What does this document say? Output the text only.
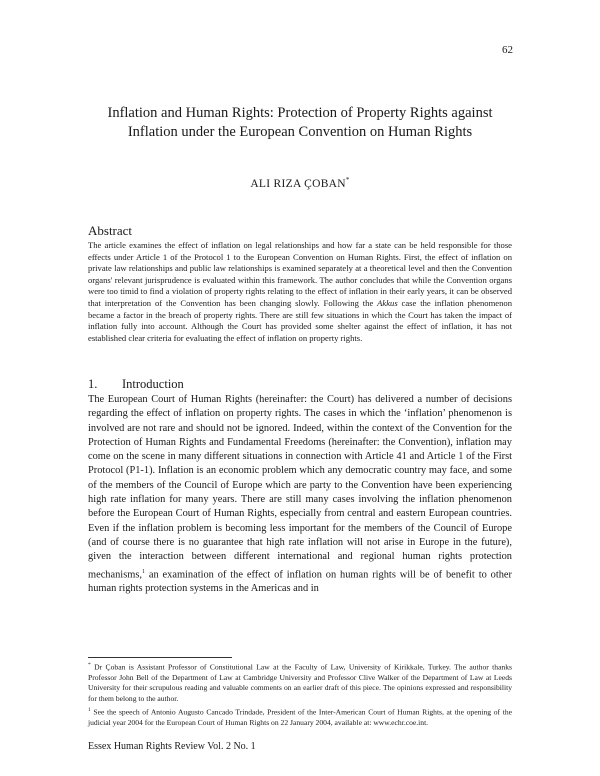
62
Inflation and Human Rights: Protection of Property Rights against
Inflation under the European Convention on Human Rights
ALI RIZA ÇOBAN*
Abstract
The article examines the effect of inflation on legal relationships and how far a state can be held responsible for those effects under Article 1 of the Protocol 1 to the European Convention on Human Rights. First, the effect of inflation on private law relationships and public law relationships is examined separately at a theoretical level and then the Convention organs' relevant jurisprudence is evaluated within this framework. The author concludes that while the Convention organs were too timid to find a violation of property rights relating to the effect of inflation in their early years, it can be observed that interpretation of the Convention has been changing slowly. Following the Akkus case the inflation phenomenon became a factor in the breach of property rights. There are still few situations in which the Court has taken the impact of inflation fully into account. Although the Court has provided some shelter against the effect of inflation, it has not established clear criteria for evaluating the effect of inflation on property rights.
1. Introduction
The European Court of Human Rights (hereinafter: the Court) has delivered a number of decisions regarding the effect of inflation on property rights. The cases in which the ‘inflation’ phenomenon is involved are not rare and should not be ignored. Indeed, within the context of the Convention for the Protection of Human Rights and Fundamental Freedoms (hereinafter: the Convention), inflation may come on the scene in many different situations in connection with Article 41 and Article 1 of the First Protocol (P1-1). Inflation is an economic problem which any democratic country may face, and some of the members of the Council of Europe which are party to the Convention have been experiencing high rate inflation for many years. There are still many cases involving the inflation phenomenon before the European Court of Human Rights, especially from central and eastern European countries. Even if the inflation problem is becoming less important for the members of the Council of Europe (and of course there is no guarantee that high rate inflation will not arise in Europe in the future), given the interaction between different international and regional human rights protection mechanisms,$^1$ an examination of the effect of inflation on human rights will be of benefit to other human rights protection systems in the Americas and in

* Dr Çoban is Assistant Professor of Constitutional Law at the Faculty of Law, University of Kirikkale, Turkey. The author thanks Professor John Bell of the Department of Law at Cambridge University and Professor Clive Walker of the Department of Law at Leeds University for their scrupulous reading and valuable comments on an earlier draft of this piece. The opinions expressed and responsibility for them belong to the author.

$^1$ See the speech of Antonio Augusto Cancado Trindade, President of the Inter-American Court of Human Rights, at the opening of the judicial year 2004 for the European Court of Human Rights on 22 January 2004, available at: www.echr.coe.int.

Essex Human Rights Review Vol. 2 No. 1
